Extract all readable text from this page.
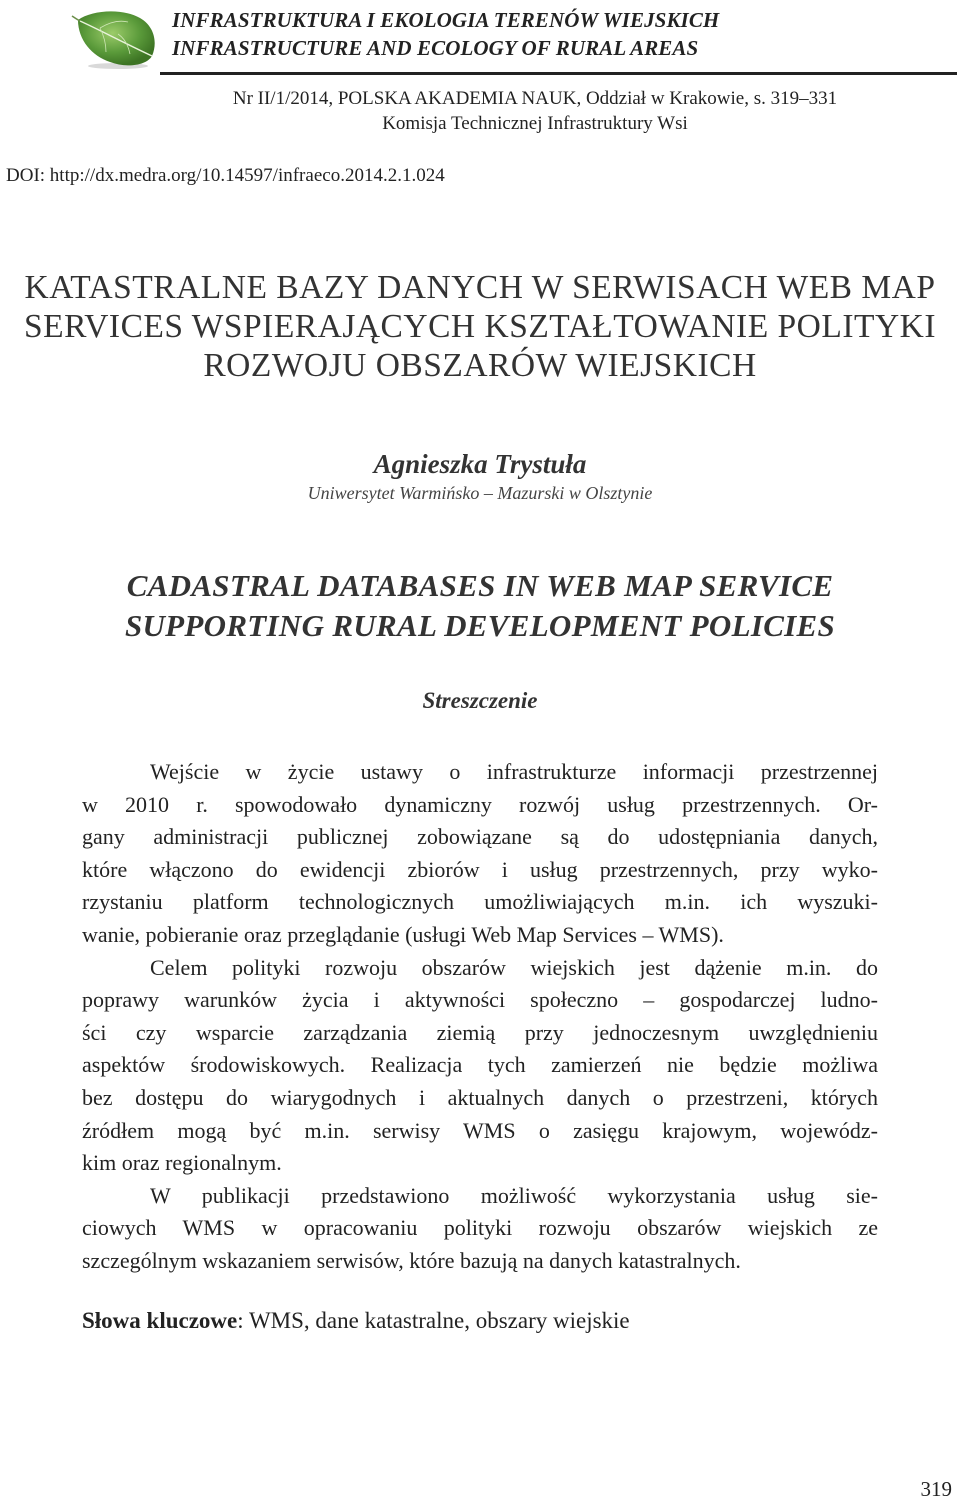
INFRASTRUKTURA I EKOLOGIA TERENÓW WIEJSKICH
INFRASTRUCTURE AND ECOLOGY OF RURAL AREAS
Nr II/1/2014, POLSKA AKADEMIA NAUK, Oddział w Krakowie, s. 319–331
Komisja Technicznej Infrastruktury Wsi
DOI: http://dx.medra.org/10.14597/infraeco.2014.2.1.024
KATASTRALNE BAZY DANYCH W SERWISACH WEB MAP
SERVICES WSPIERAJĄCYCH KSZTAŁTOWANIE POLITYKI
ROZWOJU OBSZARÓW WIEJSKICH
Agnieszka Trystuła
Uniwersytet Warmińsko – Mazurski w Olsztynie
CADASTRAL DATABASES IN WEB MAP SERVICE
SUPPORTING RURAL DEVELOPMENT POLICIES
Streszczenie
Wejście w życie ustawy o infrastrukturze informacji przestrzennej
w 2010 r. spowodowało dynamiczny rozwój usług przestrzennych. Or-
gany administracji publicznej zobowiązane są do udostępniania danych,
które włączono do ewidencji zbiorów i usług przestrzennych, przy wyko-
rzystaniu platform technologicznych umożliwiających m.in. ich wyszuki-
wanie, pobieranie oraz przeglądanie (usługi Web Map Services – WMS).
Celem polityki rozwoju obszarów wiejskich jest dążenie m.in. do
poprawy warunków życia i aktywności społeczno – gospodarczej ludno-
ści czy wsparcie zarządzania ziemią przy jednoczesnym uwzględnieniu
aspektów środowiskowych. Realizacja tych zamierzeń nie będzie możliwa
bez dostępu do wiarygodnych i aktualnych danych o przestrzeni, których
źródłem mogą być m.in. serwisy WMS o zasięgu krajowym, wojewódz-
kim oraz regionalnym.
W publikacji przedstawiono możliwość wykorzystania usług sie-
ciowych WMS w opracowaniu polityki rozwoju obszarów wiejskich ze
szczególnym wskazaniem serwisów, które bazują na danych katastralnych.
Słowa kluczowe: WMS, dane katastralne, obszary wiejskie
319
